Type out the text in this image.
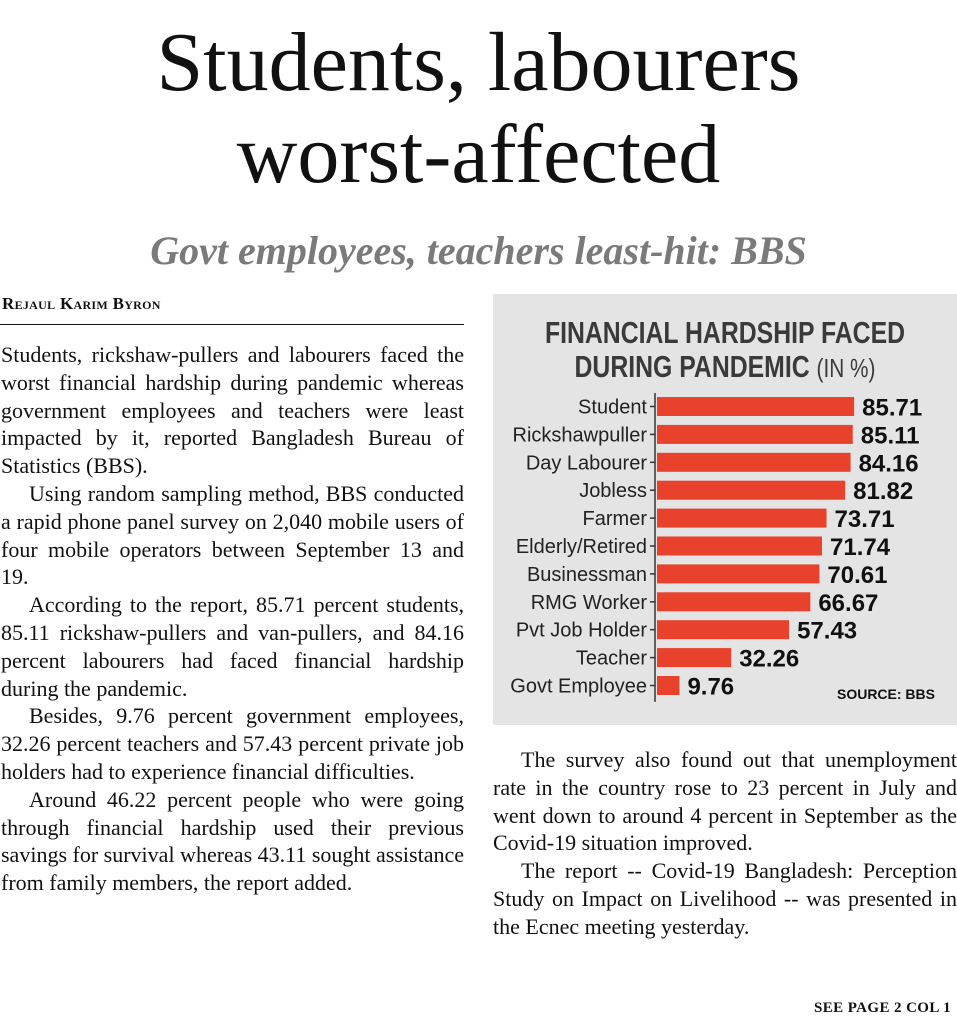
Students, labourers
worst-affected
Govt employees, teachers least-hit: BBS
Rejaul Karim Byron

Students, rickshaw-pullers and labourers faced the worst financial hardship during pandemic whereas government employees and teachers were least impacted by it, reported Bangladesh Bureau of Statistics (BBS).

Using random sampling method, BBS conducted a rapid phone panel survey on 2,040 mobile users of four mobile operators between September 13 and 19.

According to the report, 85.71 percent students, 85.11 rickshaw-pullers and van-pullers, and 84.16 percent labourers had faced financial hardship during the pandemic.

Besides, 9.76 percent government employees, 32.26 percent teachers and 57.43 percent private job holders had to experience financial difficulties.

Around 46.22 percent people who were going through financial hardship used their previous savings for survival whereas 43.11 sought assistance from family members, the report added.

FINANCIAL HARDSHIP FACED
DURING PANDEMIC (IN %)
Student	85.71
Rickshawpuller	85.11
Day Labourer	84.16
Jobless	81.82
Farmer	73.71
Elderly/Retired	71.74
Businessman	70.61
RMG Worker	66.67
Pvt Job Holder	57.43
Teacher	32.26
Govt Employee 9.76	SOURCE: BBS

The survey also found out that unemployment rate in the country rose to 23 percent in July and went down to around 4 percent in September as the Covid-19 situation improved.

The report -- Covid-19 Bangladesh: Perception Study on Impact on Livelihood -- was presented in the Ecnec meeting yesterday.

SEE PAGE 2 COL 1
